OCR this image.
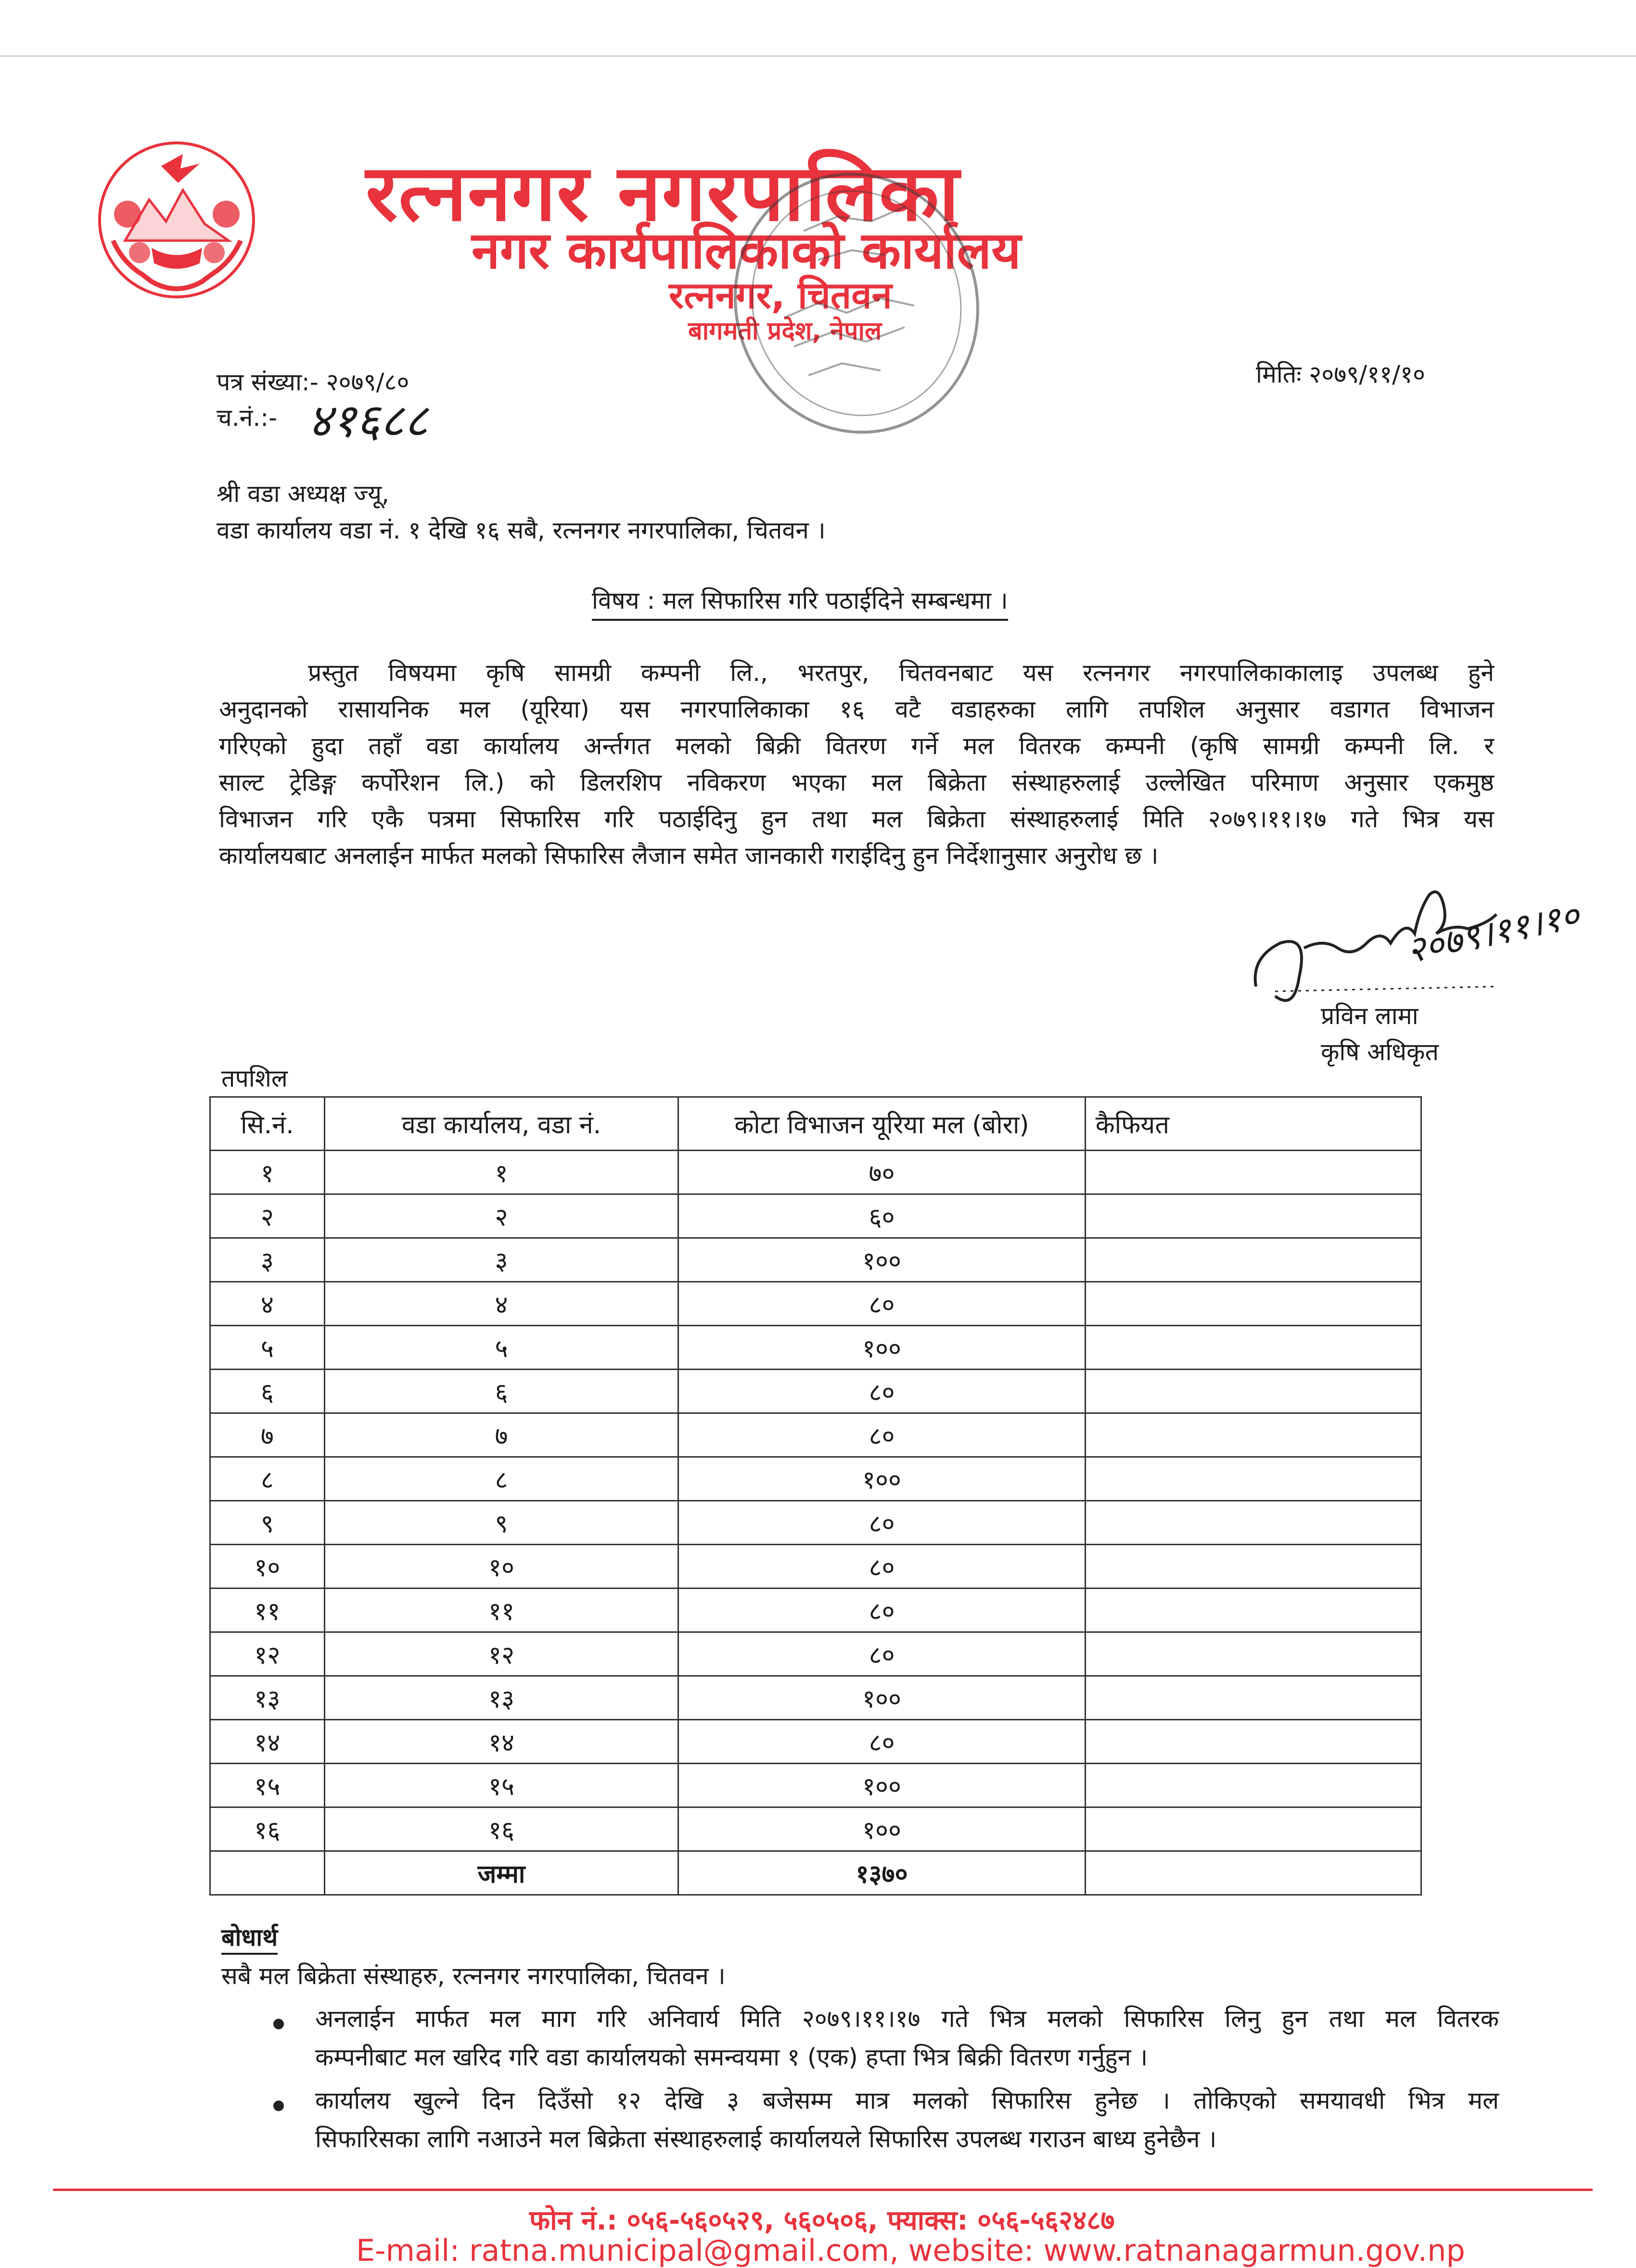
रत्ननगर नगरपालिका
नगर कार्यपालिकाको कार्यालय
रत्ननगर, चितवन
बागमती प्रदेश, नेपाल
पत्र संख्या:- २०७९/८०
च.नं.:- ४१६८८
मितिः २०७९/११/१०
श्री वडा अध्यक्ष ज्यू,
वडा कार्यालय वडा नं. १ देखि १६ सबै, रत्ननगर नगरपालिका, चितवन ।
विषय : मल सिफारिस गरि पठाईदिने सम्बन्धमा ।
प्रस्तुत विषयमा कृषि सामग्री कम्पनी लि., भरतपुर, चितवनबाट यस रत्ननगर नगरपालिकाकालाइ उपलब्ध हुने
अनुदानको रासायनिक मल (यूरिया) यस नगरपालिकाका १६ वटै वडाहरुका लागि तपशिल अनुसार वडागत विभाजन
गरिएको हुदा तहाँ वडा कार्यालय अर्न्तगत मलको बिक्री वितरण गर्ने मल वितरक कम्पनी (कृषि सामग्री कम्पनी लि. र
साल्ट ट्रेडिङ्ग कर्पोरेशन लि.) को डिलरशिप नविकरण भएका मल बिक्रेता संस्थाहरुलाई उल्लेखित परिमाण अनुसार एकमुष्ठ
विभाजन गरि एकै पत्रमा सिफारिस गरि पठाईदिनु हुन तथा मल बिक्रेता संस्थाहरुलाई मिति २०७९।११।१७ गते भित्र यस
कार्यालयबाट अनलाईन मार्फत मलको सिफारिस लैजान समेत जानकारी गराईदिनु हुन निर्देशानुसार अनुरोध छ ।
२०७९।११।१०
प्रविन लामा
कृषि अधिकृत
तपशिल
सि.नं.	वडा कार्यालय, वडा नं.	कोटा विभाजन यूरिया मल (बोरा)	कैफियत
१	१	७०	
२	२	६०	
३	३	१००	
४	४	८०	
५	५	१००	
६	६	८०	
७	७	८०	
८	८	१००	
९	९	८०	
१०	१०	८०	
११	११	८०	
१२	१२	८०	
१३	१३	१००	
१४	१४	८०	
१५	१५	१००	
१६	१६	१००	
	जम्मा	१३७०	
बोधार्थ
सबै मल बिक्रेता संस्थाहरु, रत्ननगर नगरपालिका, चितवन ।
अनलाईन मार्फत मल माग गरि अनिवार्य मिति २०७९।११।१७ गते भित्र मलको सिफारिस लिनु हुन तथा मल वितरक
कम्पनीबाट मल खरिद गरि वडा कार्यालयको समन्वयमा १ (एक) हप्ता भित्र बिक्री वितरण गर्नुहुन ।
कार्यालय खुल्ने दिन दिउँसो १२ देखि ३ बजेसम्म मात्र मलको सिफारिस हुनेछ । तोकिएको समयावधी भित्र मल
सिफारिसका लागि नआउने मल बिक्रेता संस्थाहरुलाई कार्यालयले सिफारिस उपलब्ध गराउन बाध्य हुनेछैन ।
फोन नं.: ०५६-५६०५२९, ५६०५०६, फ्याक्स: ०५६-५६२४८७
E-mail: ratna.municipal@gmail.com, website: www.ratnanagarmun.gov.np
